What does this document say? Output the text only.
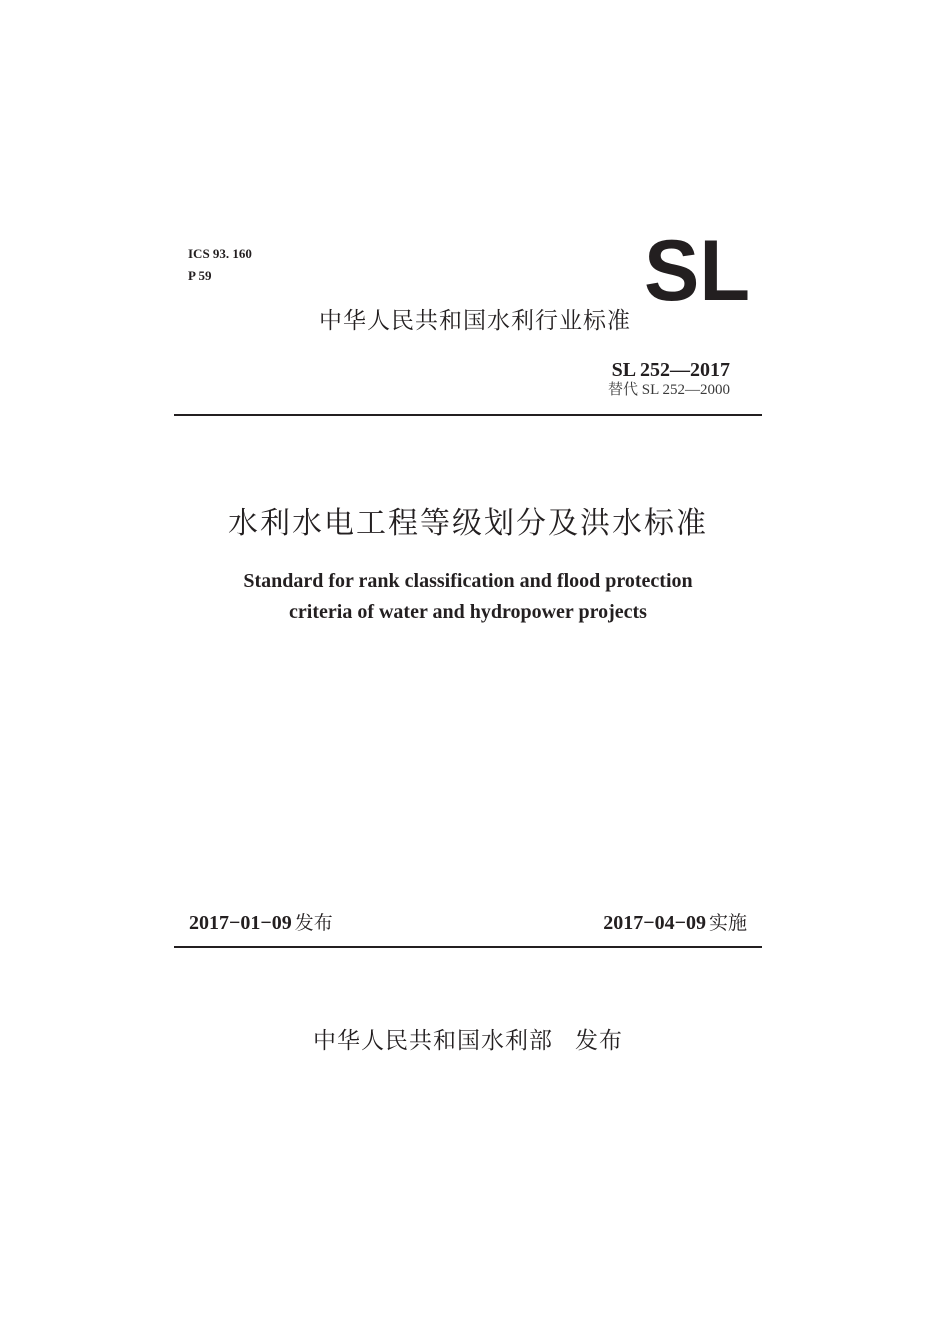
ICS 93. 160
P 59	SL
中华人民共和国水利行业标准
SL 252—2017
替代 SL 252—2000
水利水电工程等级划分及洪水标准
Standard for rank classification and flood protection
criteria of water and hydropower projects
2017−01−09 发布	2017−04−09 实施
中华人民共和国水利部 发布
